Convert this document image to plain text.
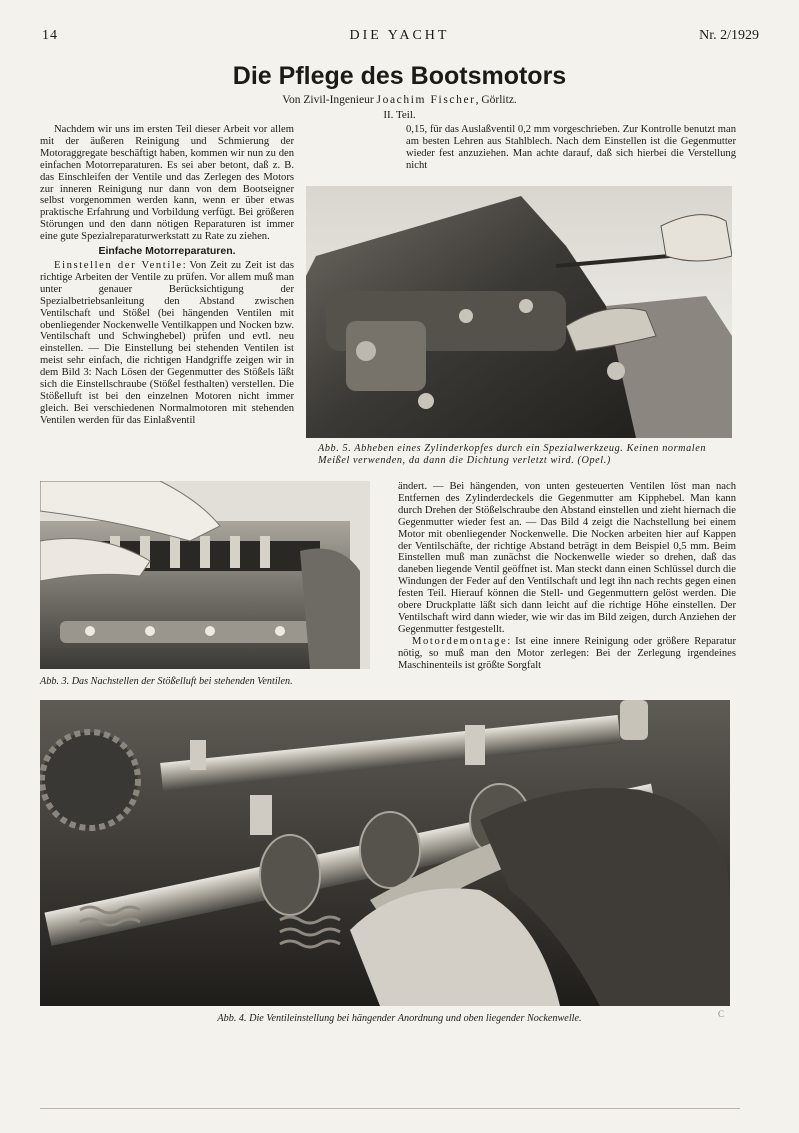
14	DIE YACHT	Nr. 2/1929
Die Pflege des Bootsmotors
Von Zivil-Ingenieur Joachim Fischer, Görlitz.
II. Teil.

Nachdem wir uns im ersten Teil dieser Arbeit vor allem mit der äußeren Reinigung und Schmierung der Motoraggregate beschäftigt haben, kommen wir nun zu den einfachen Motorreparaturen. Es sei aber betont, daß z. B. das Einschleifen der Ventile und das Zerlegen des Motors zur inneren Reinigung nur dann von dem Bootseigner selbst vorgenommen werden kann, wenn er über etwas praktische Erfahrung und Vorbildung verfügt. Bei größeren Störungen und den dann nötigen Reparaturen ist immer eine gute Spezialreparaturwerkstatt zu Rate zu ziehen.

Einfache Motorreparaturen.

Einstellen der Ventile: Von Zeit zu Zeit ist das richtige Arbeiten der Ventile zu prüfen. Vor allem muß man unter genauer Berücksichtigung der Spezialbetriebsanleitung den Abstand zwischen Ventilschaft und Stößel (bei hängenden Ventilen mit obenliegender Nockenwelle Ventilkappen und Nocken bzw. Ventilschaft und Schwinghebel) prüfen und evtl. neu einstellen. — Die Einstellung bei stehenden Ventilen ist meist sehr einfach, die richtigen Handgriffe zeigen wir in dem Bild 3: Nach Lösen der Gegenmutter des Stößels läßt sich die Einstellschraube (Stößel festhalten) verstellen. Die Stößelluft ist bei den einzelnen Motoren nicht immer gleich. Bei verschiedenen Normalmotoren mit stehenden Ventilen werden für das Einlaßventil

0,15, für das Auslaßventil 0,2 mm vorgeschrieben. Zur Kontrolle benutzt man am besten Lehren aus Stahlblech. Nach dem Einstellen ist die Gegenmutter wieder fest anzuziehen. Man achte darauf, daß sich hierbei die Verstellung nicht
Abb. 5. Abheben eines Zylinderkopfes durch ein Spezialwerkzeug. Keinen normalen Meißel verwenden, da dann die Dichtung verletzt wird. (Opel.)
Abb. 3. Das Nachstellen der Stößelluft bei stehenden Ventilen.
ändert. — Bei hängenden, von unten gesteuerten Ventilen löst man nach Entfernen des Zylinderdeckels die Gegenmutter am Kipphebel. Man kann durch Drehen der Stößelschraube den Abstand einstellen und zieht hiernach die Gegenmutter wieder fest an. — Das Bild 4 zeigt die Nachstellung bei einem Motor mit obenliegender Nockenwelle. Die Nocken arbeiten hier auf Kappen der Ventilschäfte, der richtige Abstand beträgt in dem Beispiel 0,5 mm. Beim Einstellen muß man zunächst die Nockenwelle wieder so drehen, daß das daneben liegende Ventil geöffnet ist. Man steckt dann einen Schlüssel durch die Windungen der Feder auf den Ventilschaft und legt ihn nach rechts gegen einen festen Teil. Hierauf können die Stell- und Gegenmuttern gelöst werden. Die obere Druckplatte läßt sich dann leicht auf die richtige Höhe einstellen. Der Ventilschaft wird dann wieder, wie wir das im Bild zeigen, durch Anziehen der Gegenmutter festgestellt.

Motordemontage: Ist eine innere Reinigung oder größere Reparatur nötig, so muß man den Motor zerlegen: Bei der Zerlegung irgendeines Maschinenteils ist größte Sorgfalt

Abb. 4. Die Ventileinstellung bei hängender Anordnung und oben liegender Nockenwelle.	C
